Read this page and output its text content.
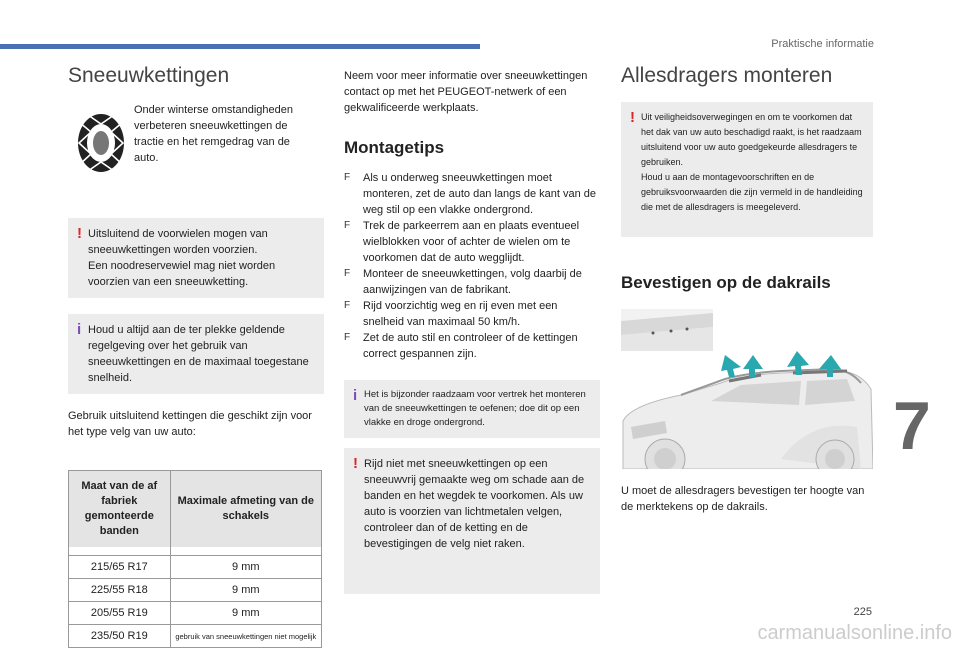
Praktische informatie
Sneeuwkettingen

Onder winterse omstandigheden verbeteren sneeuwkettingen de tractie en het remgedrag van de auto.

! Uitsluitend de voorwielen mogen van sneeuwkettingen worden voorzien.

Een noodreservewiel mag niet worden voorzien van een sneeuwketting.

i Houd u altijd aan de ter plekke geldende regelgeving over het gebruik van sneeuwkettingen en de maximaal toegestane snelheid.

Gebruik uitsluitend kettingen die geschikt zijn voor het type velg van uw auto:

Maat van de af fabriek gemonteerde banden	Maximale afmeting van de schakels

215/65 R17	9 mm
225/55 R18	9 mm
205/55 R19	9 mm
235/50 R19	gebruik van sneeuwkettingen niet mogelijk

Neem voor meer informatie over sneeuwkettingen contact op met het PEUGEOT-netwerk of een gekwalificeerde werkplaats.

Montagetips
F Als u onderweg sneeuwkettingen moet monteren, zet de auto dan langs de kant van de weg stil op een vlakke ondergrond.
F Trek de parkeerrem aan en plaats eventueel wielblokken voor of achter de wielen om te voorkomen dat de auto wegglijdt.
F Monteer de sneeuwkettingen, volg daarbij de aanwijzingen van de fabrikant.
F Rijd voorzichtig weg en rij even met een snelheid van maximaal 50 km/h.
F Zet de auto stil en controleer of de kettingen correct gespannen zijn.
i Het is bijzonder raadzaam voor vertrek het monteren van de sneeuwkettingen te oefenen; doe dit op een vlakke en droge ondergrond.

! Rijd niet met sneeuwkettingen op een sneeuwvrij gemaakte weg om schade aan de banden en het wegdek te voorkomen. Als uw auto is voorzien van lichtmetalen velgen, controleer dan of de ketting en de bevestigingen de velg niet raken.

Allesdragers monteren
! Uit veiligheidsoverwegingen en om te voorkomen dat het dak van uw auto beschadigd raakt, is het raadzaam uitsluitend voor uw auto goedgekeurde allesdragers te gebruiken.

Houd u aan de montagevoorschriften en de gebruiksvoorwaarden die zijn vermeld in de handleiding die met de allesdragers is meegeleverd.

Bevestigen op de dakrails

U moet de allesdragers bevestigen ter hoogte van de merktekens op de dakrails.

7
225
carmanualsonline.info
